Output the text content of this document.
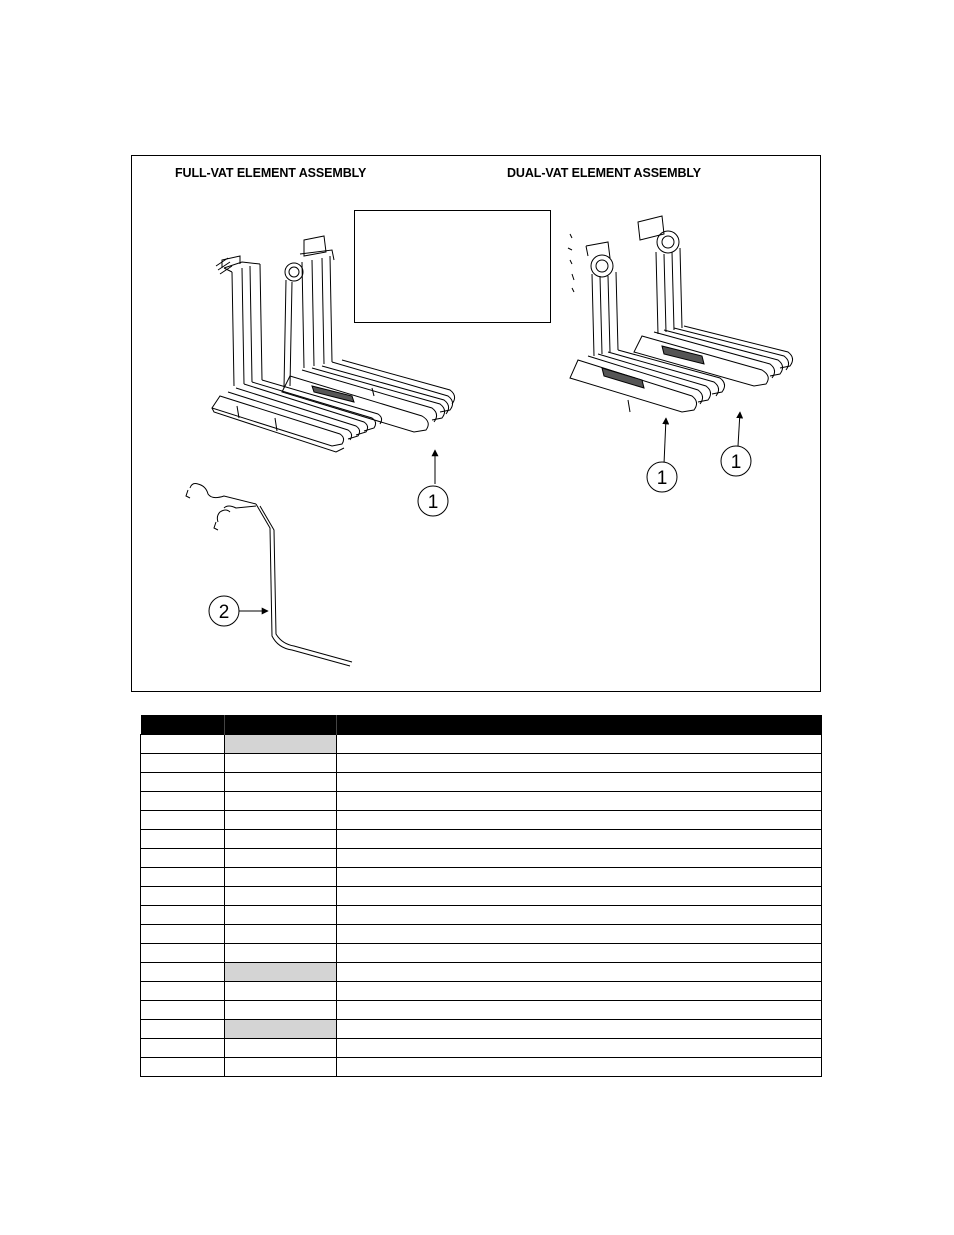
FULL-VAT ELEMENT ASSEMBLY	DUAL-VAT ELEMENT ASSEMBLY
1
2
1
1
